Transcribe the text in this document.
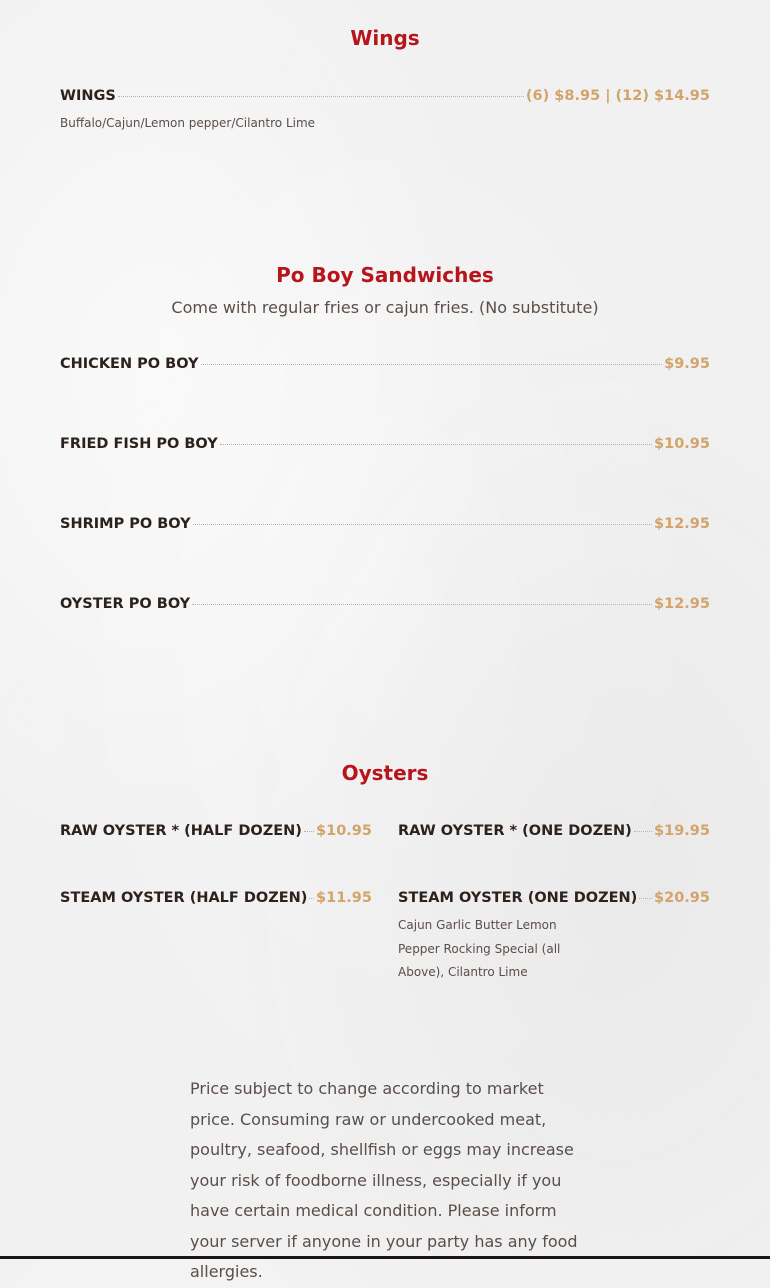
Wings
WINGS	(6) $8.95 | (12) $14.95
Buffalo/Cajun/Lemon pepper/Cilantro Lime
Po Boy Sandwiches

Come with regular fries or cajun fries. (No substitute)

CHICKEN PO BOY	$9.95
FRIED FISH PO BOY	$10.95
SHRIMP PO BOY	$12.95
OYSTER PO BOY	$12.95
Oysters
RAW OYSTER * (HALF DOZEN) $10.95 RAW OYSTER * (ONE DOZEN) $19.95
STEAM OYSTER (HALF DOZEN) $11.95 STEAM OYSTER (ONE DOZEN) $20.95
Cajun Garlic Butter Lemon Pepper Rocking Special (all Above), Cilantro Lime
Price subject to change according to market price. Consuming raw or undercooked meat, poultry, seafood, shellfish or eggs may increase your risk of foodborne illness, especially if you have certain medical condition. Please inform your server if anyone in your party has any food allergies.
